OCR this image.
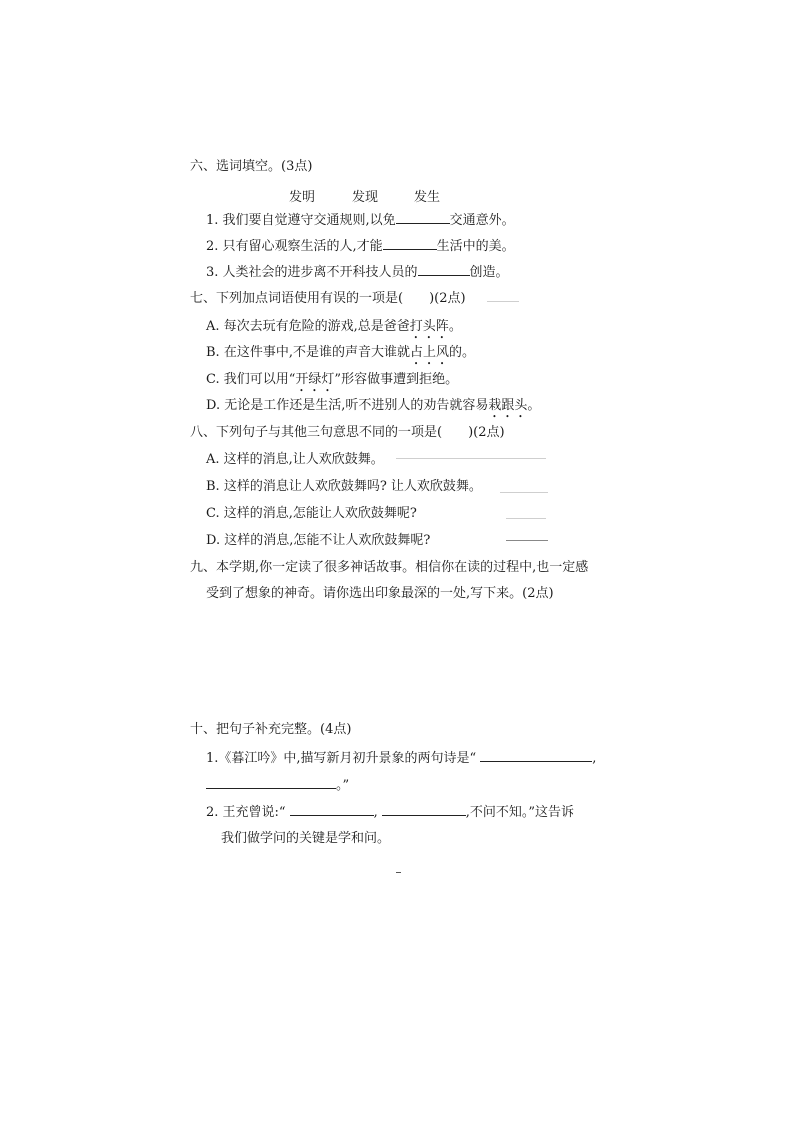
六、选词填空。(3点)
发明	发现	发生
1. 我们要自觉遵守交通规则,以免	交通意外。
2. 只有留心观察生活的人,才能	生活中的美。
3. 人类社会的进步离不开科技人员的	创造。
七、下列加点词语使用有误的一项是(　　)(2点)
A. 每次去玩有危险的游戏,总是爸爸打头阵。
B. 在这件事中,不是谁的声音大谁就占上风的。
C. 我们可以用“开绿灯”形容做事遭到拒绝。
D. 无论是工作还是生活,听不进别人的劝告就容易栽跟头。
八、下列句子与其他三句意思不同的一项是(　　)(2点)
A. 这样的消息,让人欢欣鼓舞。
B. 这样的消息让人欢欣鼓舞吗? 让人欢欣鼓舞。
C. 这样的消息,怎能让人欢欣鼓舞呢?
D. 这样的消息,怎能不让人欢欣鼓舞呢?
九、本学期,你一定读了很多神话故事。相信你在读的过程中,也一定感
受到了想象的神奇。请你选出印象最深的一处,写下来。(2点)
十、把句子补充完整。(4点)
1.《暮江吟》中,描写新月初升景象的两句诗是“	,
。”
2. 王充曾说:“	,	,不问不知。”这告诉
我们做学问的关键是学和问。
